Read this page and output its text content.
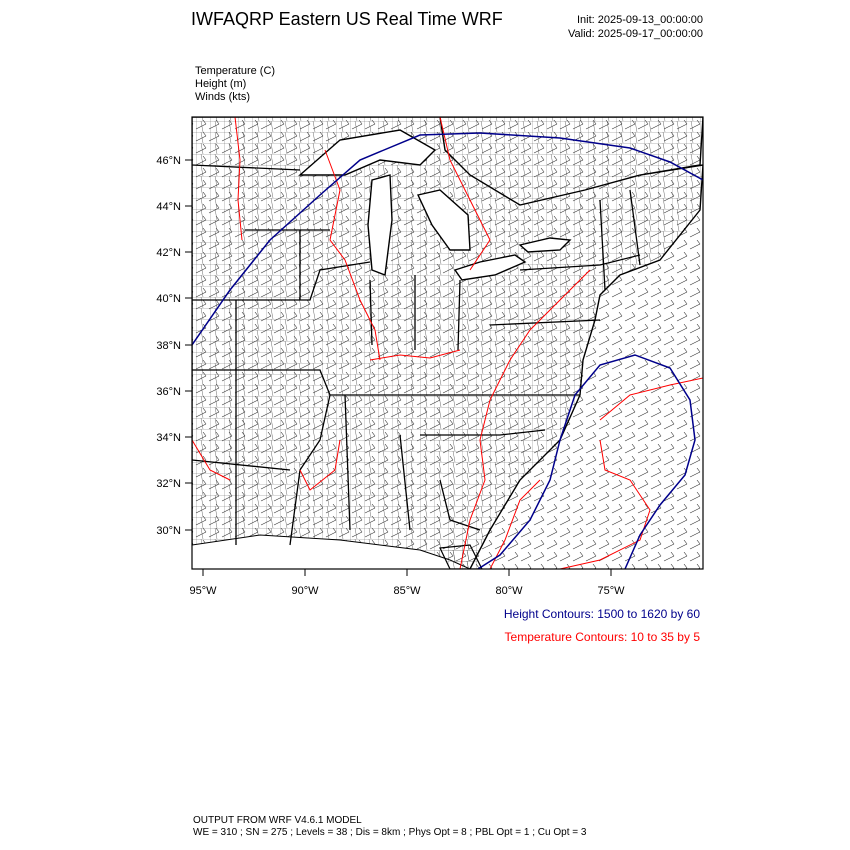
IWFAQRP Eastern US Real Time WRF	Init: 2025-09-13_00:00:00
Valid: 2025-09-17_00:00:00
Temperature (C)
Height (m)
Winds (kts)
46°N
44°N
42°N
40°N
38°N
36°N
34°N
32°N
30°N
95°W	90°W	85°W	80°W	75°W
Height Contours: 1500 to 1620 by 60
Temperature Contours: 10 to 35 by 5
OUTPUT FROM WRF V4.6.1 MODEL
WE = 310 ; SN = 275 ; Levels = 38 ; Dis = 8km ; Phys Opt = 8 ; PBL Opt = 1 ; Cu Opt = 3
